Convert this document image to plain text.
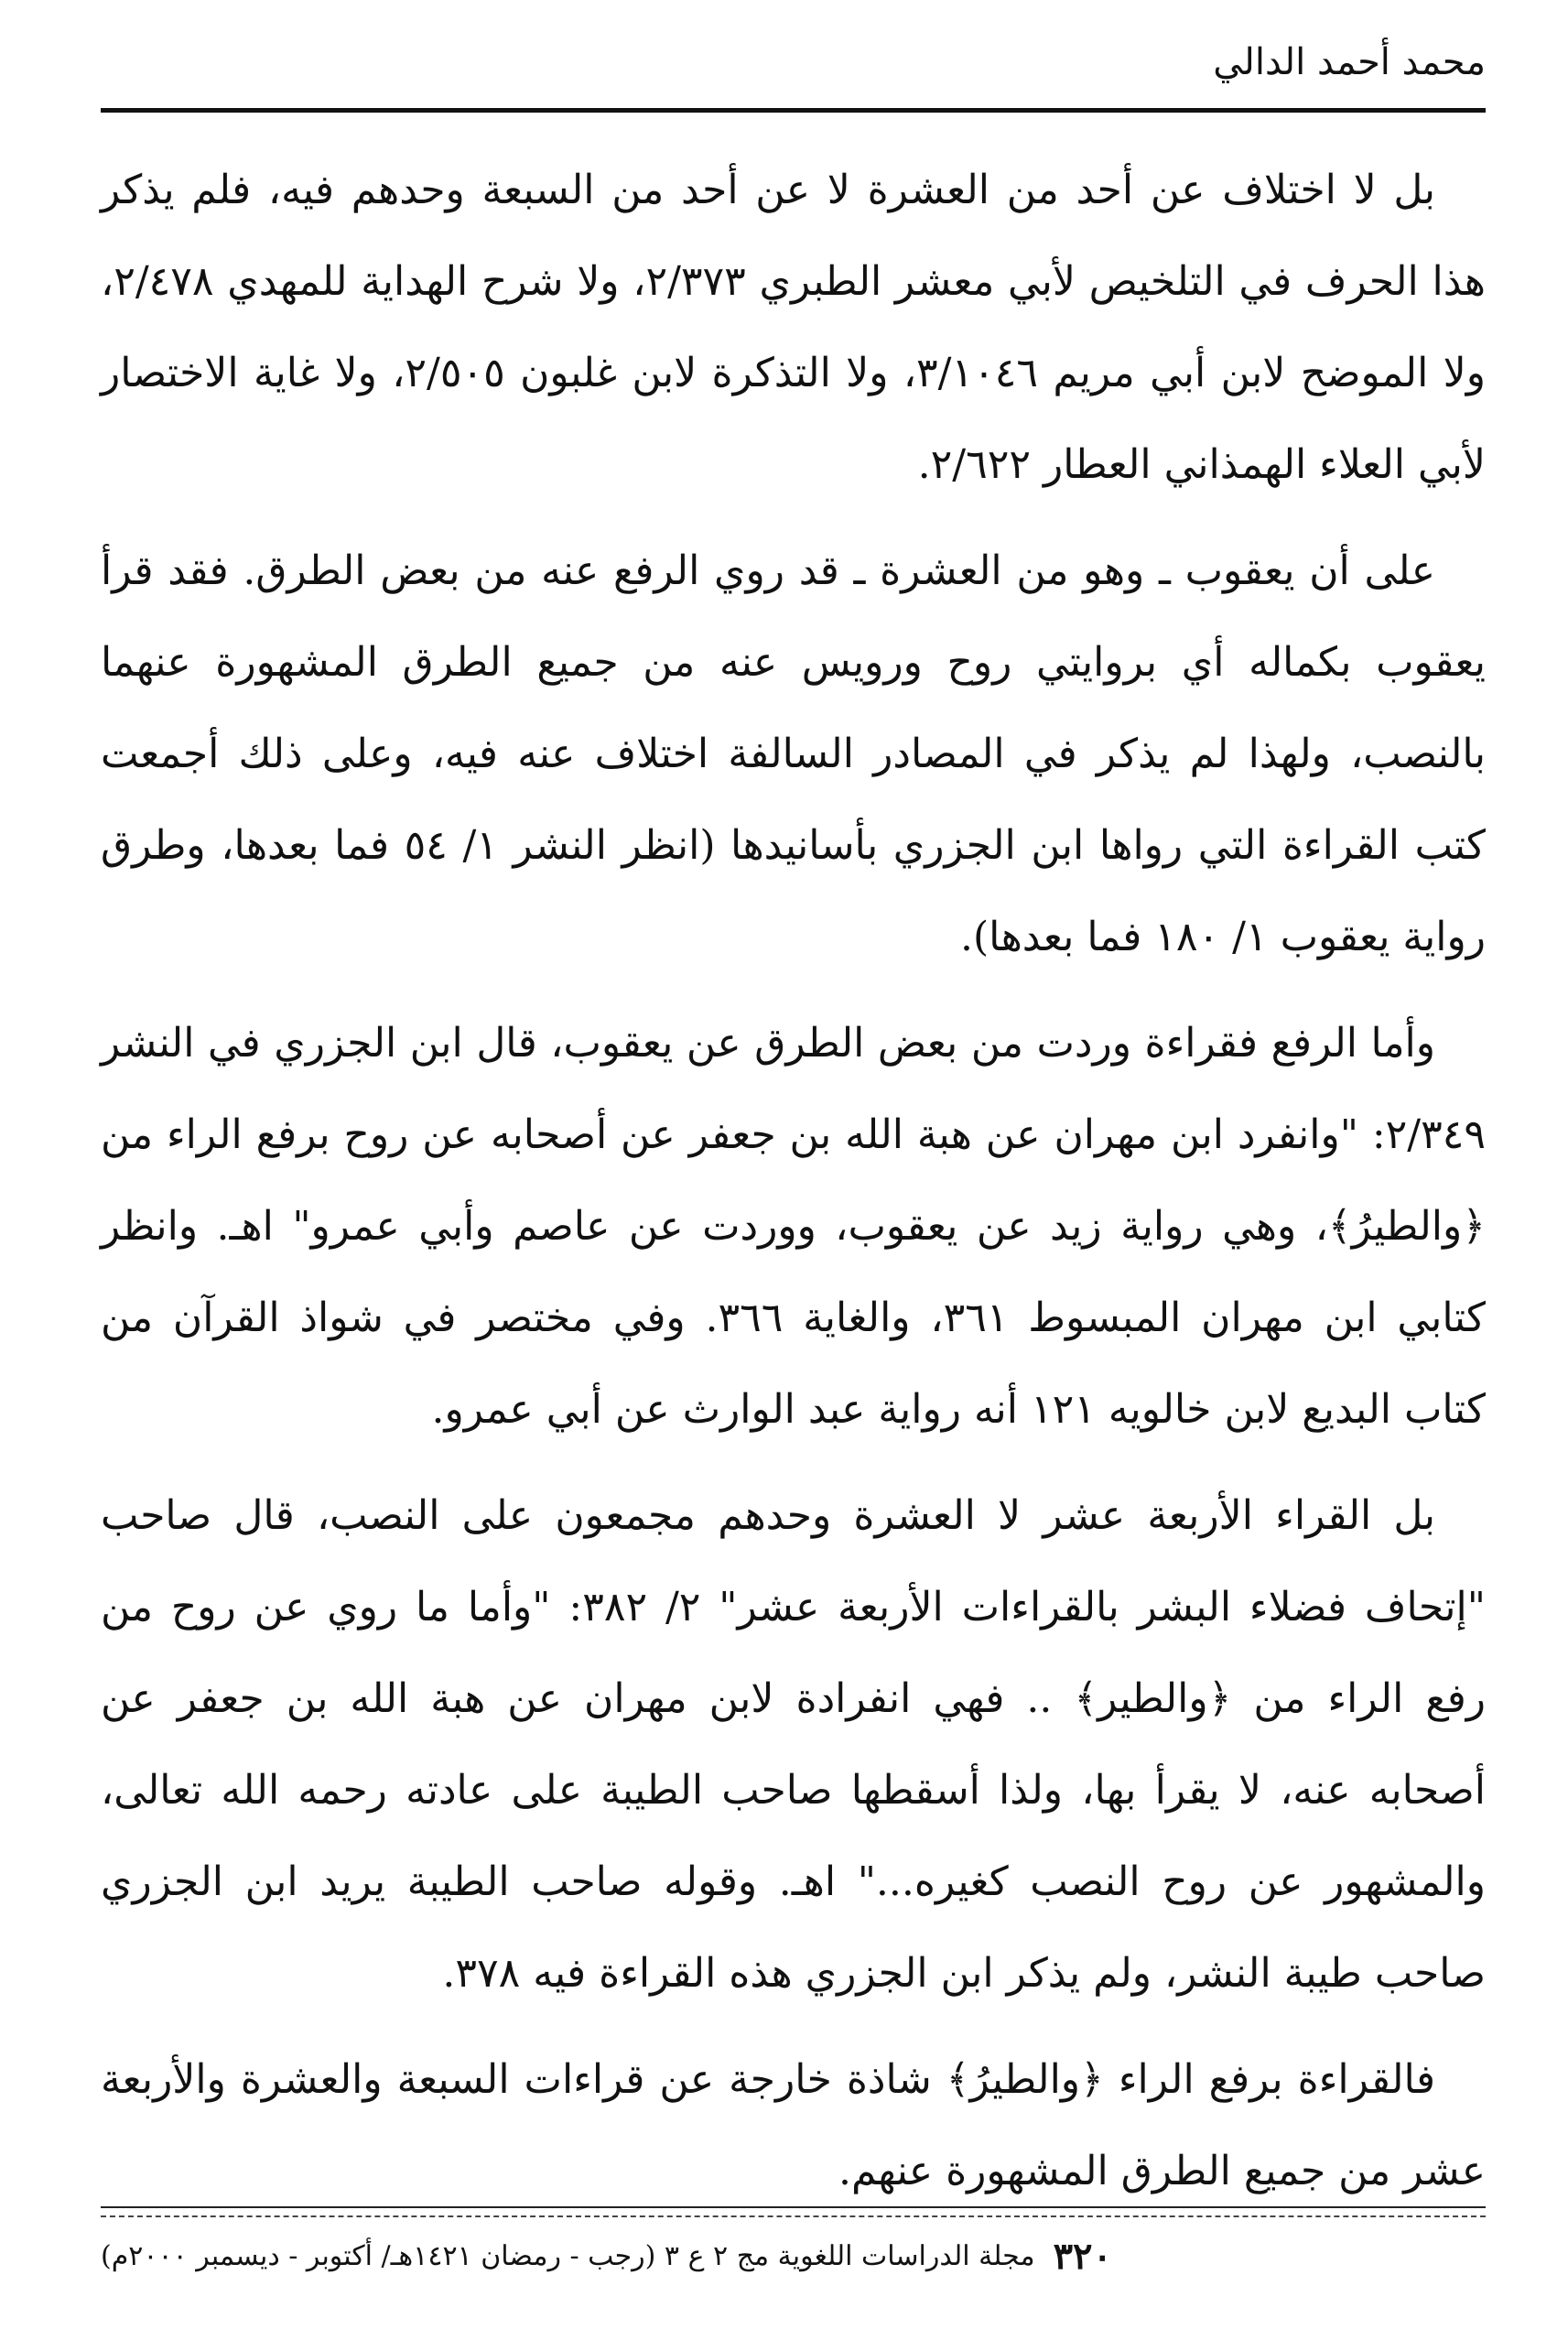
محمد أحمد الدالي

بل لا اختلاف عن أحد من العشرة لا عن أحد من السبعة وحدهم فيه، فلم يذكر هذا الحرف في التلخيص لأبي معشر الطبري ٢/٣٧٣، ولا شرح الهداية للمهدي ٢/٤٧٨، ولا الموضح لابن أبي مريم ٣/١٠٤٦، ولا التذكرة لابن غلبون ٢/٥٠٥، ولا غاية الاختصار لأبي العلاء الهمذاني العطار ٢/٦٢٢.

على أن يعقوب ـ وهو من العشرة ـ قد روي الرفع عنه من بعض الطرق. فقد قرأ يعقوب بكماله أي بروايتي روح ورويس عنه من جميع الطرق المشهورة عنهما بالنصب، ولهذا لم يذكر في المصادر السالفة اختلاف عنه فيه، وعلى ذلك أجمعت كتب القراءة التي رواها ابن الجزري بأسانيدها (انظر النشر ١/ ٥٤ فما بعدها، وطرق رواية يعقوب ١/ ١٨٠ فما بعدها).

وأما الرفع فقراءة وردت من بعض الطرق عن يعقوب، قال ابن الجزري في النشر ٢/٣٤٩: "وانفرد ابن مهران عن هبة الله بن جعفر عن أصحابه عن روح برفع الراء من ﴿والطيرُ﴾، وهي رواية زيد عن يعقوب، ووردت عن عاصم وأبي عمرو" اهـ. وانظر كتابي ابن مهران المبسوط ٣٦١، والغاية ٣٦٦. وفي مختصر في شواذ القرآن من كتاب البديع لابن خالويه ١٢١ أنه رواية عبد الوارث عن أبي عمرو.

بل القراء الأربعة عشر لا العشرة وحدهم مجمعون على النصب، قال صاحب "إتحاف فضلاء البشر بالقراءات الأربعة عشر" ٢/ ٣٨٢: "وأما ما روي عن روح من رفع الراء من ﴿والطير﴾ .. فهي انفرادة لابن مهران عن هبة الله بن جعفر عن أصحابه عنه، لا يقرأ بها، ولذا أسقطها صاحب الطيبة على عادته رحمه الله تعالى، والمشهور عن روح النصب كغيره..." اهـ. وقوله صاحب الطيبة يريد ابن الجزري صاحب طيبة النشر، ولم يذكر ابن الجزري هذه القراءة فيه ٣٧٨.

فالقراءة برفع الراء ﴿والطيرُ﴾ شاذة خارجة عن قراءات السبعة والعشرة والأربعة عشر من جميع الطرق المشهورة عنهم.

٣٢٠
مجلة الدراسات اللغوية مج ٢ ع ٣ (رجب - رمضان ١٤٢١هـ/ أكتوبر - ديسمبر ٢٠٠٠م)
